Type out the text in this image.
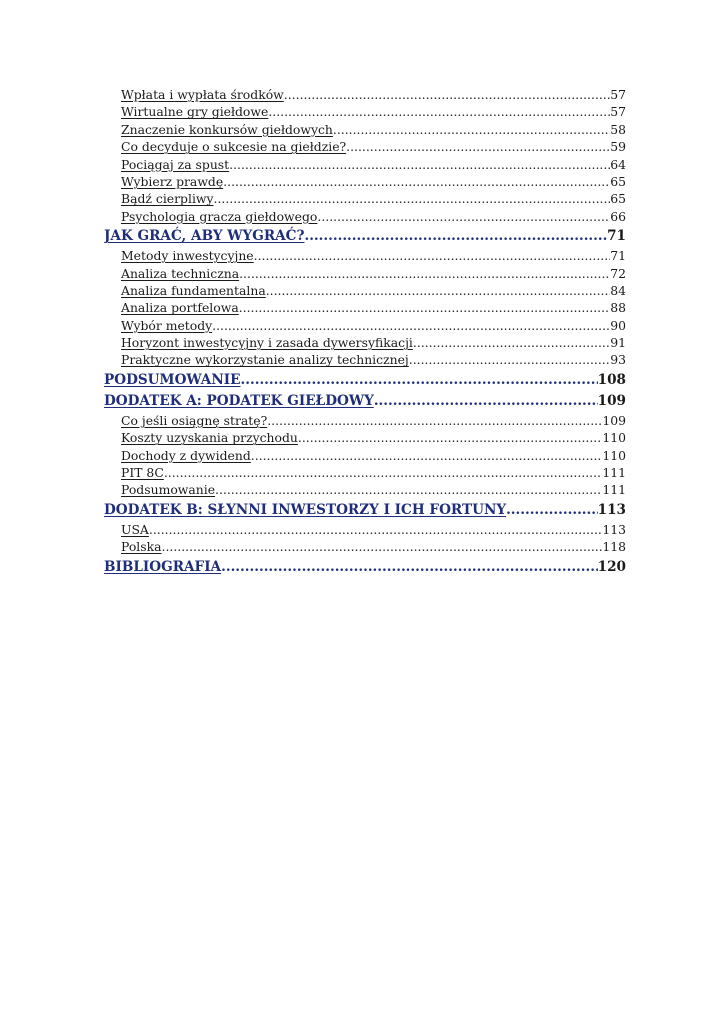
Wpłata i wypłata środków .....	57
Wirtualne gry giełdowe .....	57
Znaczenie konkursów giełdowych .....	58
Co decyduje o sukcesie na giełdzie? .....	59
Pociągaj za spust .....	64
Wybierz prawdę .....	65
Bądź cierpliwy .....	65
Psychologia gracza giełdowego .....	66
JAK GRAĆ, ABY WYGRAĆ? .....	71
Metody inwestycyjne .....	71
Analiza techniczna .....	72
Analiza fundamentalna .....	84
Analiza portfelowa .....	88
Wybór metody .....	90
Horyzont inwestycyjny i zasada dywersyfikacji .....	91
Praktyczne wykorzystanie analizy technicznej .....	93
PODSUMOWANIE .....	108
DODATEK A: PODATEK GIEŁDOWY .....	109
Co jeśli osiągnę stratę? .....	109
Koszty uzyskania przychodu .....	110
Dochody z dywidend .....	110
PIT 8C .....	111
Podsumowanie .....	111
DODATEK B: SŁYNNI INWESTORZY I ICH FORTUNY .....	113
USA .....	113
Polska .....	118
BIBLIOGRAFIA .....	120
